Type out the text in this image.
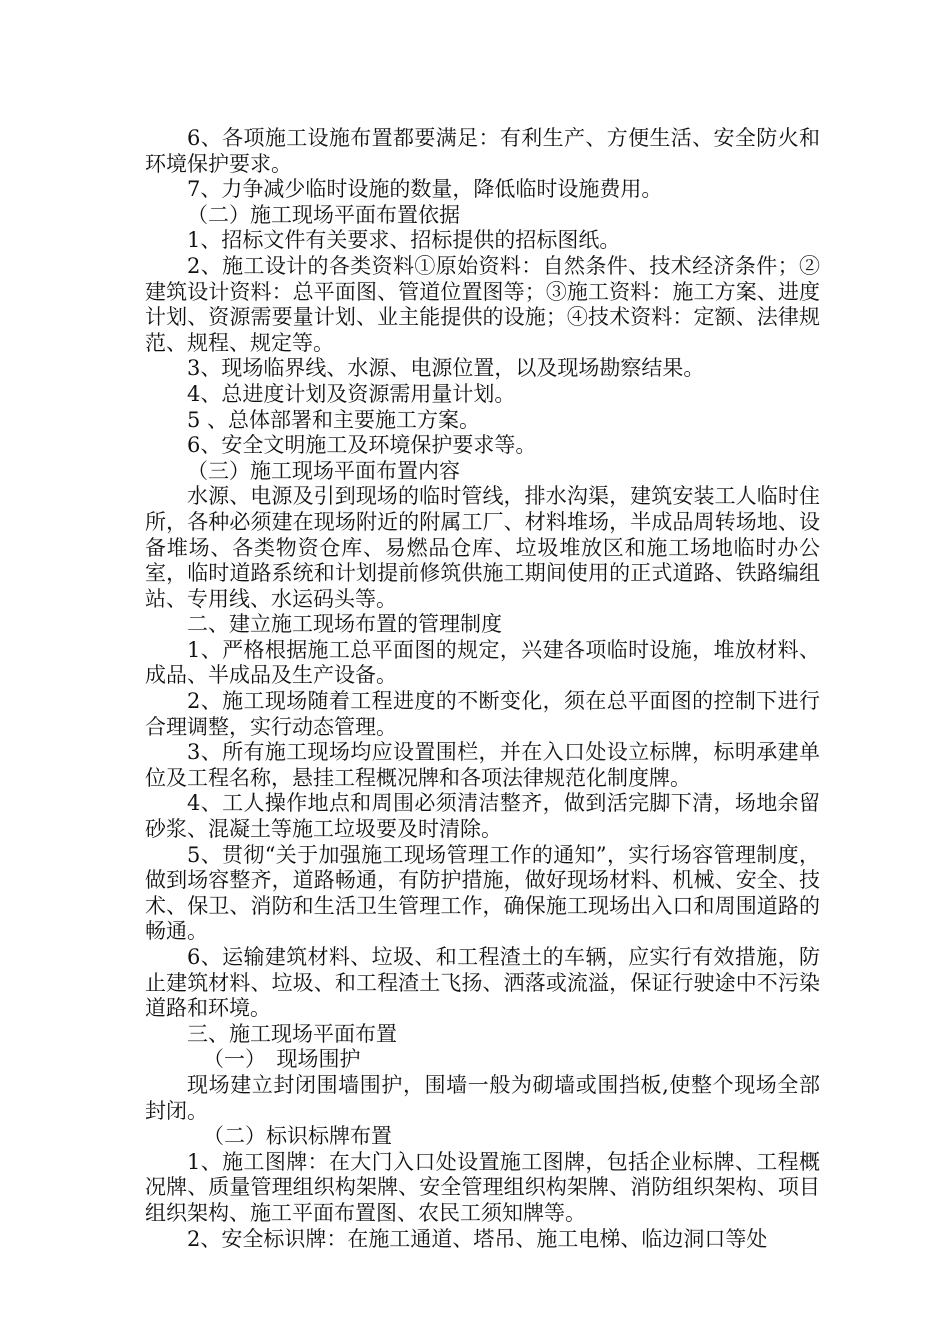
6、各项施工设施布置都要满足：有利生产、方便生活、安全防火和环境保护要求。

7、力争减少临时设施的数量，降低临时设施费用。

（二）施工现场平面布置依据

1、招标文件有关要求、招标提供的招标图纸。

2、施工设计的各类资料①原始资料：自然条件、技术经济条件；②建筑设计资料：总平面图、管道位置图等；③施工资料：施工方案、进度计划、资源需要量计划、业主能提供的设施；④技术资料：定额、法律规范、规程、规定等。

3、现场临界线、水源、电源位置，以及现场勘察结果。

4、总进度计划及资源需用量计划。

5 、总体部署和主要施工方案。

6、安全文明施工及环境保护要求等。

（三）施工现场平面布置内容

水源、电源及引到现场的临时管线，排水沟渠，建筑安装工人临时住所，各种必须建在现场附近的附属工厂、材料堆场，半成品周转场地、设备堆场、各类物资仓库、易燃品仓库、垃圾堆放区和施工场地临时办公室，临时道路系统和计划提前修筑供施工期间使用的正式道路、铁路编组站、专用线、水运码头等。

二、建立施工现场布置的管理制度

1、严格根据施工总平面图的规定，兴建各项临时设施，堆放材料、成品、半成品及生产设备。

2、施工现场随着工程进度的不断变化，须在总平面图的控制下进行合理调整，实行动态管理。

3、所有施工现场均应设置围栏，并在入口处设立标牌，标明承建单位及工程名称，悬挂工程概况牌和各项法律规范化制度牌。

4、工人操作地点和周围必须清洁整齐，做到活完脚下清，场地余留砂浆、混凝土等施工垃圾要及时清除。

5、贯彻“关于加强施工现场管理工作的通知”，实行场容管理制度，做到场容整齐，道路畅通，有防护措施，做好现场材料、机械、安全、技术、保卫、消防和生活卫生管理工作，确保施工现场出入口和周围道路的畅通。

6、运输建筑材料、垃圾、和工程渣土的车辆，应实行有效措施，防止建筑材料、垃圾、和工程渣土飞扬、洒落或流溢，保证行驶途中不污染道路和环境。

三、施工现场平面布置

（一）　现场围护

现场建立封闭围墙围护，围墙一般为砌墙或围挡板,使整个现场全部封闭。

（二）标识标牌布置

1、施工图牌：在大门入口处设置施工图牌，包括企业标牌、工程概况牌、质量管理组织构架牌、安全管理组织构架牌、消防组织架构、项目组织架构、施工平面布置图、农民工须知牌等。

2、安全标识牌：在施工通道、塔吊、施工电梯、临边洞口等处
